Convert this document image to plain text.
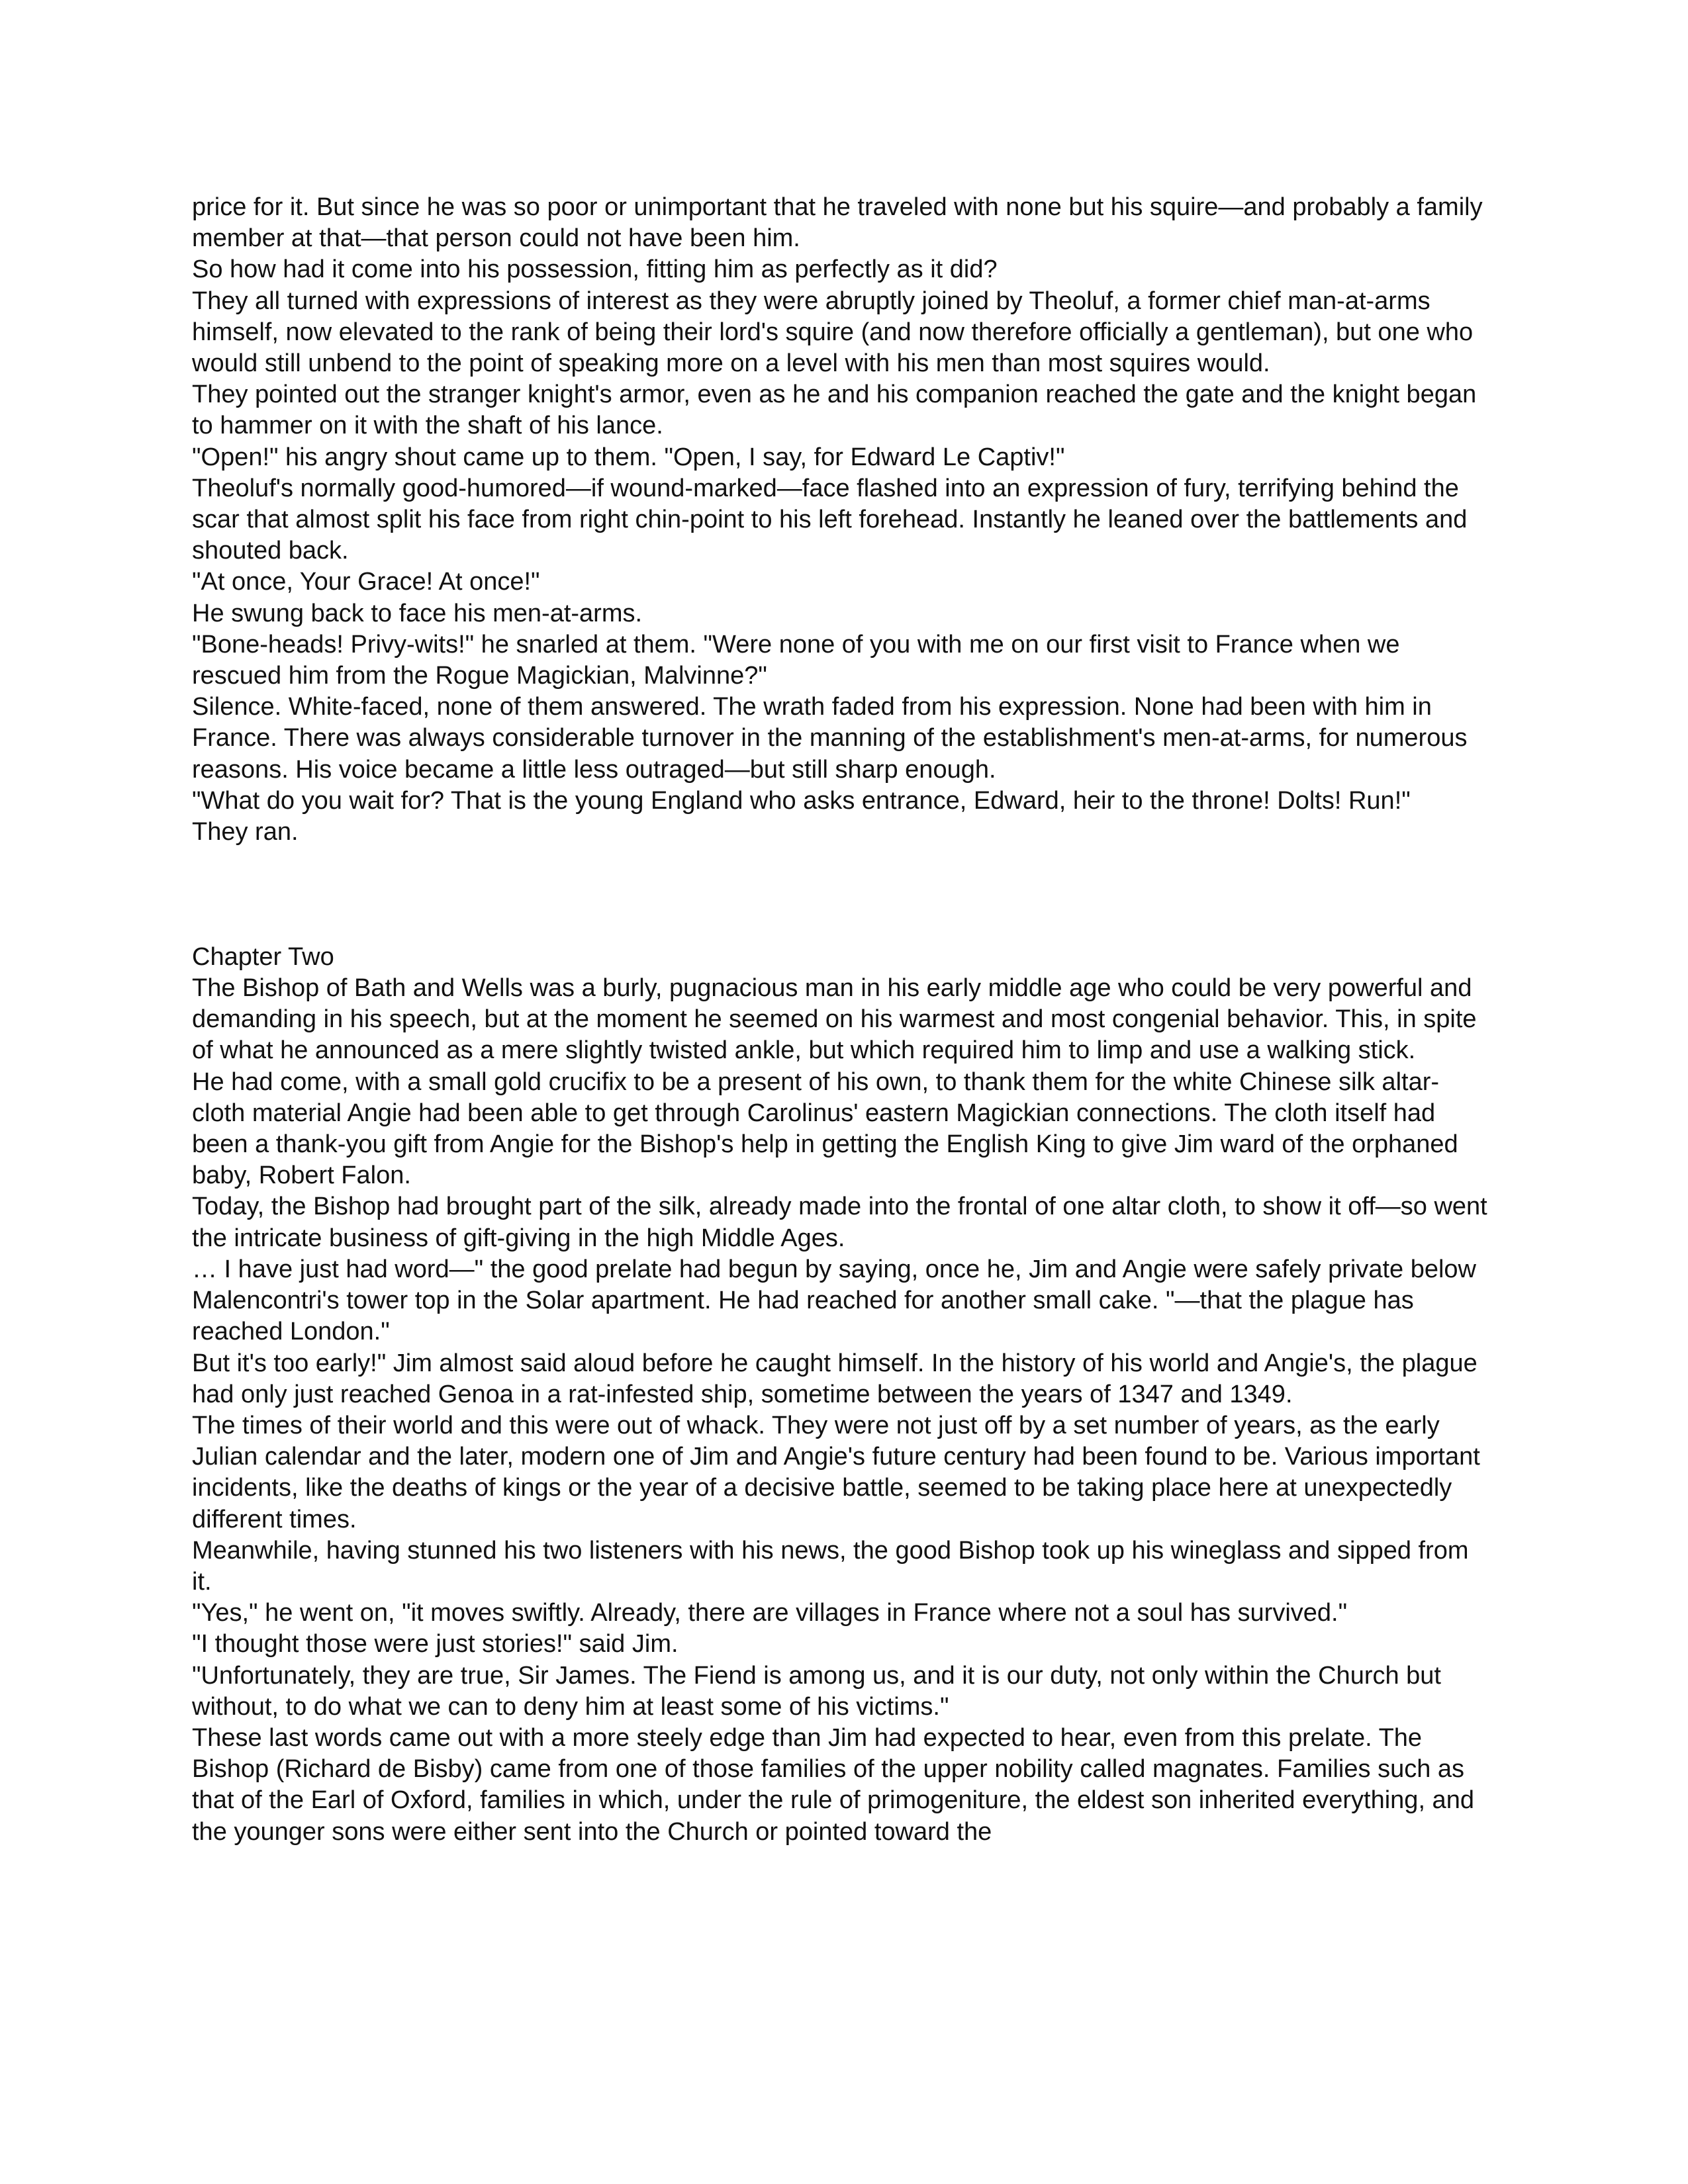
price for it. But since he was so poor or unimportant that he traveled with none but his squire—and probably a family member at that—that person could not have been him.

So how had it come into his possession, fitting him as perfectly as it did?

They all turned with expressions of interest as they were abruptly joined by Theoluf, a former chief man-at-arms himself, now elevated to the rank of being their lord's squire (and now therefore officially a gentleman), but one who would still unbend to the point of speaking more on a level with his men than most squires would.

They pointed out the stranger knight's armor, even as he and his companion reached the gate and the knight began to hammer on it with the shaft of his lance.

"Open!" his angry shout came up to them. "Open, I say, for Edward Le Captiv!"

Theoluf's normally good-humored—if wound-marked—face flashed into an expression of fury, terrifying behind the scar that almost split his face from right chin-point to his left forehead. Instantly he leaned over the battlements and shouted back.

"At once, Your Grace! At once!"

He swung back to face his men-at-arms.

"Bone-heads! Privy-wits!" he snarled at them. "Were none of you with me on our first visit to France when we rescued him from the Rogue Magickian, Malvinne?"

Silence. White-faced, none of them answered. The wrath faded from his expression. None had been with him in France. There was always considerable turnover in the manning of the establishment's men-at-arms, for numerous reasons. His voice became a little less outraged—but still sharp enough.

"What do you wait for? That is the young England who asks entrance, Edward, heir to the throne! Dolts! Run!"

They ran.

Chapter Two

The Bishop of Bath and Wells was a burly, pugnacious man in his early middle age who could be very powerful and demanding in his speech, but at the moment he seemed on his warmest and most congenial behavior. This, in spite of what he announced as a mere slightly twisted ankle, but which required him to limp and use a walking stick.

He had come, with a small gold crucifix to be a present of his own, to thank them for the white Chinese silk altar-cloth material Angie had been able to get through Carolinus' eastern Magickian connections. The cloth itself had been a thank-you gift from Angie for the Bishop's help in getting the English King to give Jim ward of the orphaned baby, Robert Falon.

Today, the Bishop had brought part of the silk, already made into the frontal of one altar cloth, to show it off—so went the intricate business of gift-giving in the high Middle Ages.

… I have just had word—" the good prelate had begun by saying, once he, Jim and Angie were safely private below Malencontri's tower top in the Solar apartment. He had reached for another small cake. "—that the plague has reached London."

But it's too early!" Jim almost said aloud before he caught himself. In the history of his world and Angie's, the plague had only just reached Genoa in a rat-infested ship, sometime between the years of 1347 and 1349.

The times of their world and this were out of whack. They were not just off by a set number of years, as the early Julian calendar and the later, modern one of Jim and Angie's future century had been found to be. Various important incidents, like the deaths of kings or the year of a decisive battle, seemed to be taking place here at unexpectedly different times.

Meanwhile, having stunned his two listeners with his news, the good Bishop took up his wineglass and sipped from it.

"Yes," he went on, "it moves swiftly. Already, there are villages in France where not a soul has survived."

"I thought those were just stories!" said Jim.

"Unfortunately, they are true, Sir James. The Fiend is among us, and it is our duty, not only within the Church but without, to do what we can to deny him at least some of his victims."

These last words came out with a more steely edge than Jim had expected to hear, even from this prelate. The Bishop (Richard de Bisby) came from one of those families of the upper nobility called magnates. Families such as that of the Earl of Oxford, families in which, under the rule of primogeniture, the eldest son inherited everything, and the younger sons were either sent into the Church or pointed toward the
